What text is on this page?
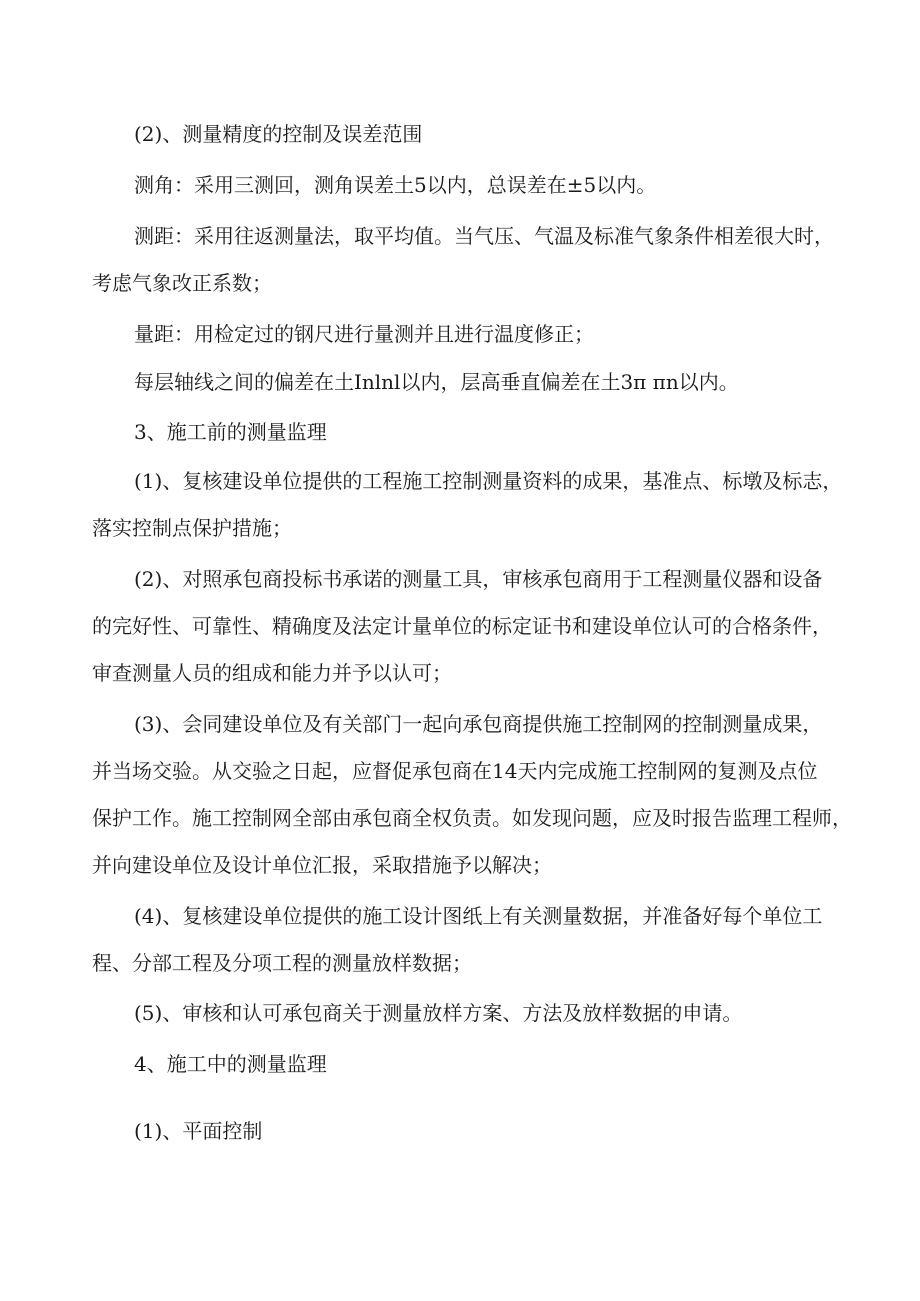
(2)、测量精度的控制及误差范围
测角：采用三测回，测角误差土5以内，总误差在±5以内。
测距：采用往返测量法，取平均值。当气压、气温及标准气象条件相差很大时，
考虑气象改正系数；
量距：用检定过的钢尺进行量测并且进行温度修正；
每层轴线之间的偏差在土Inlnl以内，层高垂直偏差在土3π πn以内。
3、施工前的测量监理
(1)、复核建设单位提供的工程施工控制测量资料的成果，基准点、标墩及标志，
落实控制点保护措施；
(2)、对照承包商投标书承诺的测量工具，审核承包商用于工程测量仪器和设备
的完好性、可靠性、精确度及法定计量单位的标定证书和建设单位认可的合格条件，
审查测量人员的组成和能力并予以认可；
(3)、会同建设单位及有关部门一起向承包商提供施工控制网的控制测量成果，
并当场交验。从交验之日起，应督促承包商在14天内完成施工控制网的复测及点位
保护工作。施工控制网全部由承包商全权负责。如发现问题，应及时报告监理工程师，
并向建设单位及设计单位汇报，采取措施予以解决；
(4)、复核建设单位提供的施工设计图纸上有关测量数据，并准备好每个单位工
程、分部工程及分项工程的测量放样数据；
(5)、审核和认可承包商关于测量放样方案、方法及放样数据的申请。
4、施工中的测量监理
(1)、平面控制
